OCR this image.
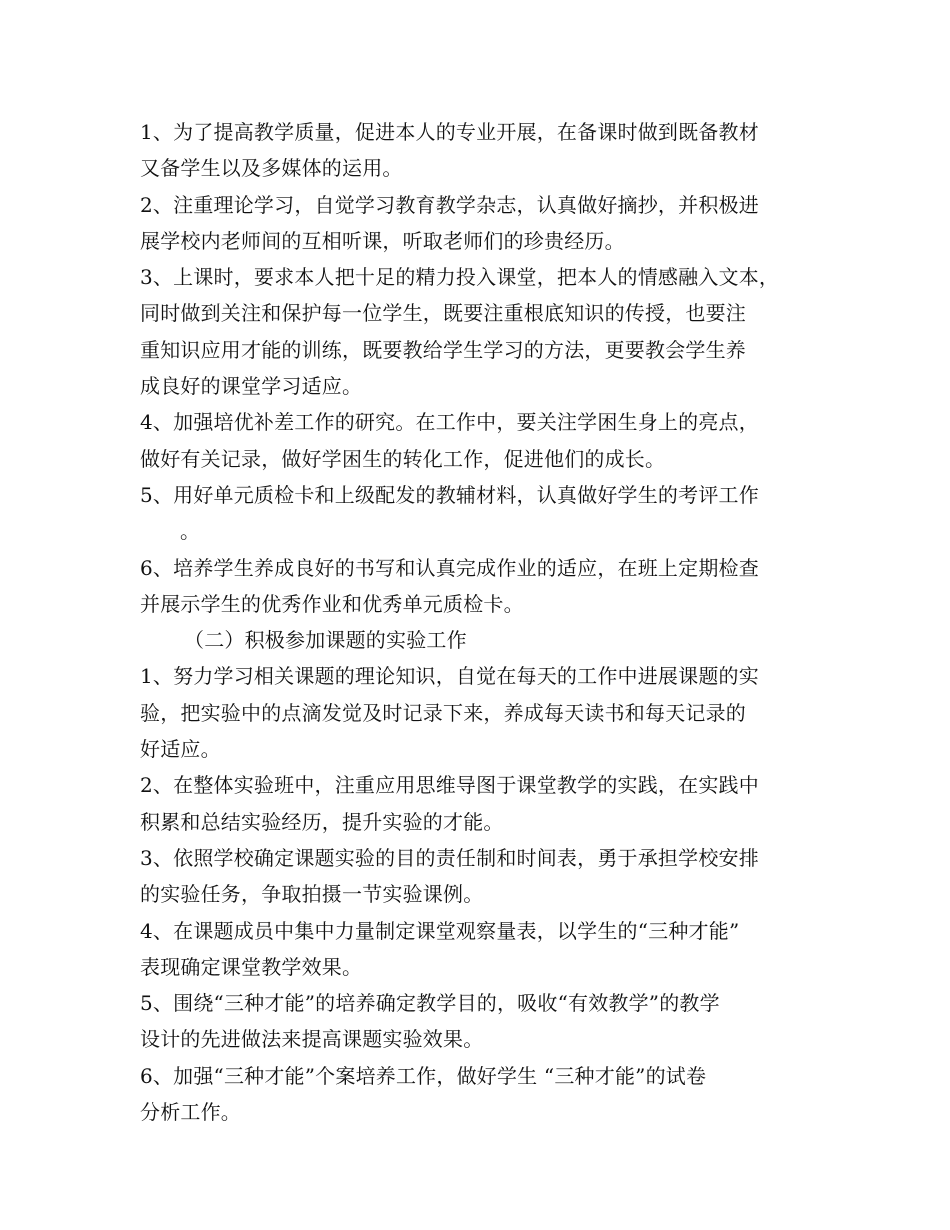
1、为了提高教学质量，促进本人的专业开展，在备课时做到既备教材
又备学生以及多媒体的运用。
2、注重理论学习，自觉学习教育教学杂志，认真做好摘抄，并积极进
展学校内老师间的互相听课，听取老师们的珍贵经历。
3、上课时，要求本人把十足的精力投入课堂，把本人的情感融入文本，
同时做到关注和保护每一位学生，既要注重根底知识的传授，也要注
重知识应用才能的训练，既要教给学生学习的方法，更要教会学生养
成良好的课堂学习适应。
4、加强培优补差工作的研究。在工作中，要关注学困生身上的亮点，
做好有关记录，做好学困生的转化工作，促进他们的成长。
5、用好单元质检卡和上级配发的教辅材料，认真做好学生的考评工作
。
6、培养学生养成良好的书写和认真完成作业的适应，在班上定期检查
并展示学生的优秀作业和优秀单元质检卡。
（二）积极参加课题的实验工作
1、努力学习相关课题的理论知识，自觉在每天的工作中进展课题的实
验，把实验中的点滴发觉及时记录下来，养成每天读书和每天记录的
好适应。
2、在整体实验班中，注重应用思维导图于课堂教学的实践，在实践中
积累和总结实验经历，提升实验的才能。
3、依照学校确定课题实验的目的责任制和时间表，勇于承担学校安排
的实验任务，争取拍摄一节实验课例。
4、在课题成员中集中力量制定课堂观察量表，以学生的“三种才能”
表现确定课堂教学效果。
5、围绕“三种才能”的培养确定教学目的，吸收“有效教学”的教学
设计的先进做法来提高课题实验效果。
6、加强“三种才能”个案培养工作，做好学生 “三种才能”的试卷
分析工作。
